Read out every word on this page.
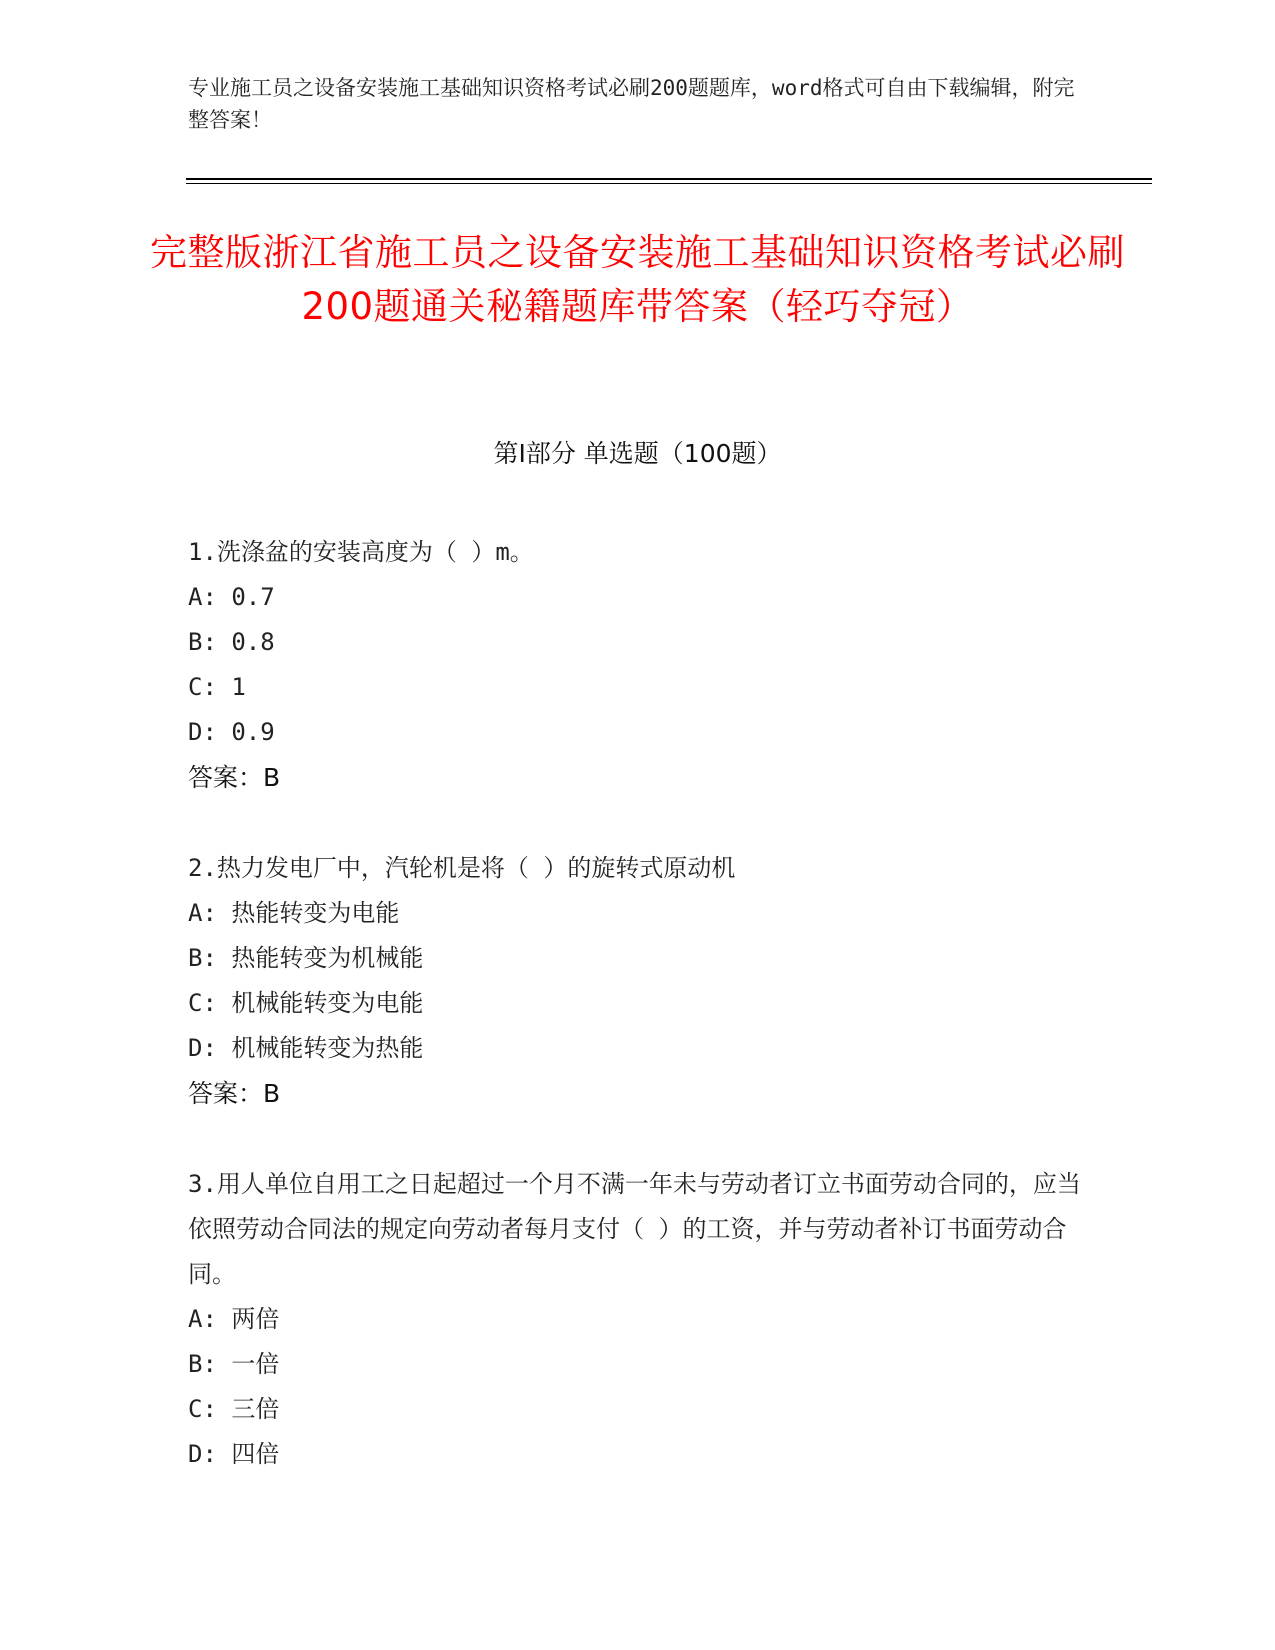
专业施工员之设备安装施工基础知识资格考试必刷200题题库，word格式可自由下载编辑，附完整答案！
完整版浙江省施工员之设备安装施工基础知识资格考试必刷200题通关秘籍题库带答案（轻巧夺冠）
第I部分 单选题（100题）

1.洗涤盆的安装高度为（ ）m。

A: 0.7

B: 0.8

C: 1

D: 0.9

答案：B

2.热力发电厂中，汽轮机是将（ ）的旋转式原动机

A: 热能转变为电能

B: 热能转变为机械能

C: 机械能转变为电能

D: 机械能转变为热能

答案：B

3.用人单位自用工之日起超过一个月不满一年未与劳动者订立书面劳动合同的，应当依照劳动合同法的规定向劳动者每月支付（ ）的工资，并与劳动者补订书面劳动合同。

A: 两倍

B: 一倍

C: 三倍

D: 四倍
